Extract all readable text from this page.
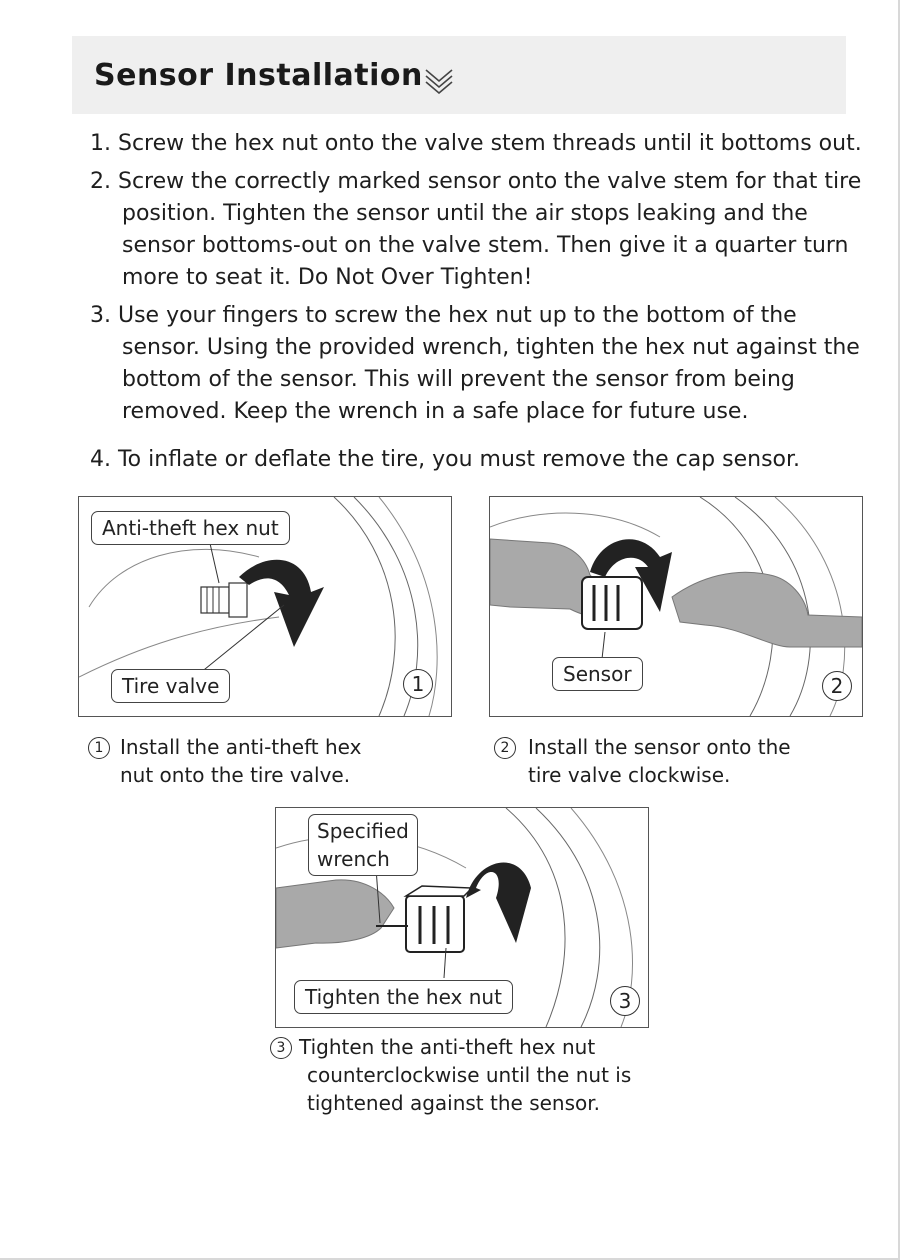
Sensor Installation
1. Screw the hex nut onto the valve stem threads until it bottoms out.
2. Screw the correctly marked sensor onto the valve stem for that tire
position. Tighten the sensor until the air stops leaking and the sensor bottoms-out on the valve stem. Then give it a quarter turn more to seat it. Do Not Over Tighten!
3. Use your fingers to screw the hex nut up to the bottom of the
sensor. Using the provided wrench, tighten the hex nut against the bottom of the sensor. This will prevent the sensor from being removed. Keep the wrench in a safe place for future use.
4. To inflate or deflate the tire, you must remove the cap sensor.
Anti-theft hex nut
Tire valve	1	Sensor	2
1 Install the anti-theft hex
nut onto the tire valve.
2 Install the sensor onto the
tire valve clockwise.
Specified
wrench
Tighten the hex nut	3
3 Tighten the anti-theft hex nut
counterclockwise until the nut is
tightened against the sensor.
